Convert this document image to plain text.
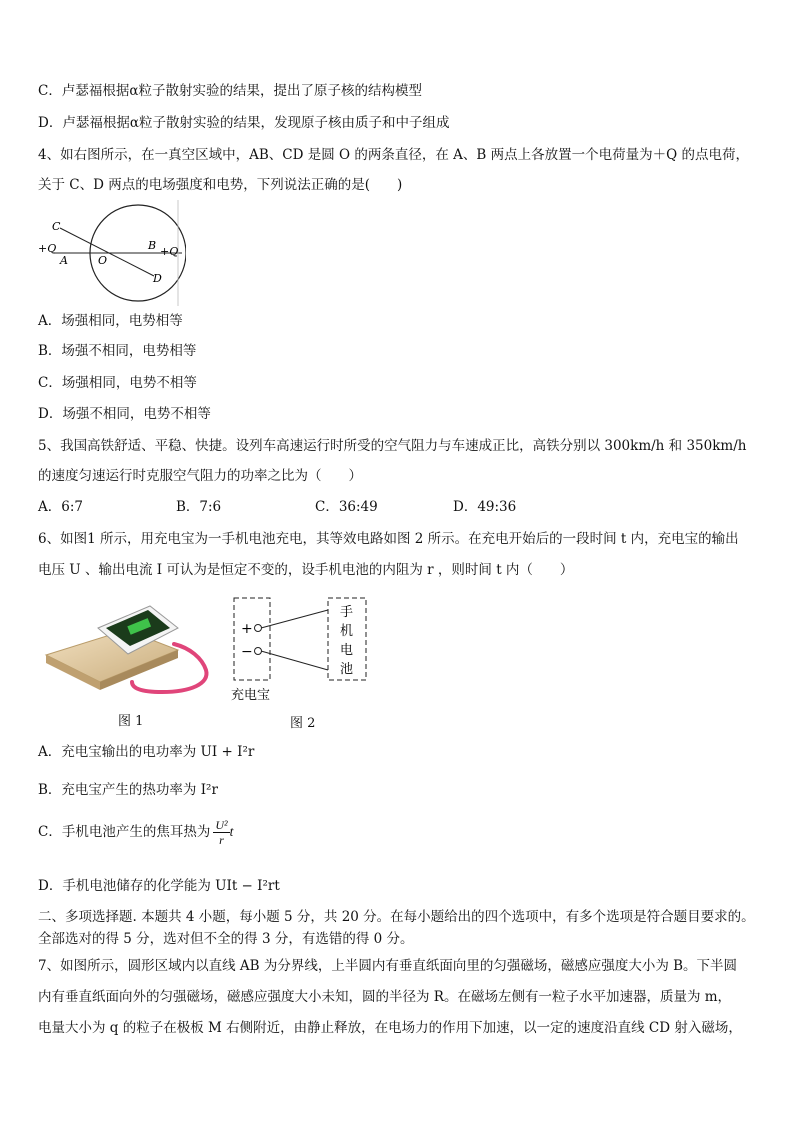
C．卢瑟福根据α粒子散射实验的结果，提出了原子核的结构模型
D．卢瑟福根据α粒子散射实验的结果，发现原子核由质子和中子组成
4、如右图所示，在一真空区域中，AB、CD 是圆 O 的两条直径，在 A、B 两点上各放置一个电荷量为＋Q 的点电荷，
关于 C、D 两点的电场强度和电势，下列说法正确的是(　　)
C
+Q
A	O
B +Q
D
A．场强相同，电势相等
B．场强不相同，电势相等
C．场强相同，电势不相等
D．场强不相同，电势不相等
5、我国高铁舒适、平稳、快捷。设列车高速运行时所受的空气阻力与车速成正比，高铁分别以 300km/h 和 350km/h
的速度匀速运行时克服空气阻力的功率之比为（　　）
A．6:7	B．7:6	C．36:49	D．49:36
6、如图1 所示，用充电宝为一手机电池充电，其等效电路如图 2 所示。在充电开始后的一段时间 t 内，充电宝的输出
电压 U 、输出电流 I 可认为是恒定不变的，设手机电池的内阻为 r ，则时间 t 内（　　）
+
−
手
机
电
池
充电宝
图 1	图 2
A．充电宝输出的电功率为 UI + I²r
B．充电宝产生的热功率为 I²r
C．手机电池产生的焦耳热为 $\frac{\text{U²}}{r}$ t
D．手机电池储存的化学能为 UIt − I²rt
二、多项选择题. 本题共 4 小题，每小题 5 分，共 20 分。在每小题给出的四个选项中，有多个选项是符合题目要求的。
全部选对的得 5 分，选对但不全的得 3 分，有选错的得 0 分。
7、如图所示，圆形区域内以直线 AB 为分界线，上半圆内有垂直纸面向里的匀强磁场，磁感应强度大小为 B。下半圆
内有垂直纸面向外的匀强磁场，磁感应强度大小未知，圆的半径为 R。在磁场左侧有一粒子水平加速器，质量为 m，
电量大小为 q 的粒子在极板 M 右侧附近，由静止释放，在电场力的作用下加速，以一定的速度沿直线 CD 射入磁场，
